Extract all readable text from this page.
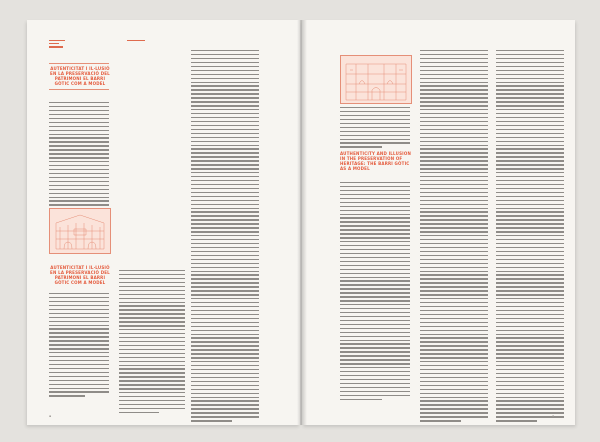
AUTENTICITAT I IL·LUSIÓ EN LA PRESERVACIÓ DEL PATRIMONI EL BARRI GÒTIC COM A MODEL
AUTENTICITAT I IL·LUSIÓ EN LA PRESERVACIÓ DEL PATRIMONI EL BARRI GÒTIC COM A MODEL
▪
AUTHENTICITY AND ILLUSION IN THE PRESERVATION OF HERITAGE: THE BARRI GÒTIC AS A MODEL
▪
